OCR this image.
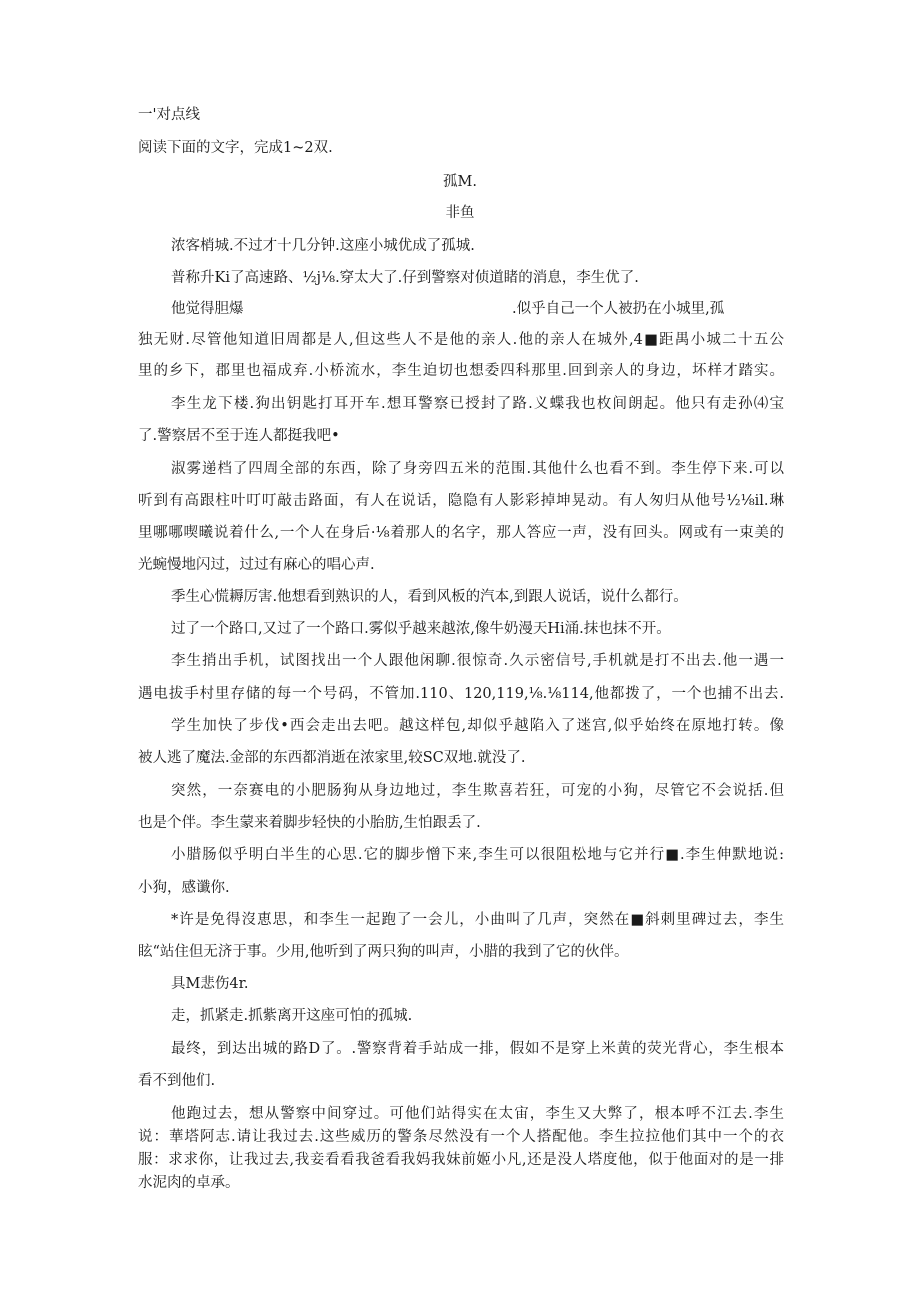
一'对点线
阅读下面的文字，完成1~2双.
孤M.
非鱼
浓客梢城.不过才十几分钟.这座小城优成了孤城.
普称升Ki了高速路、½j⅛.穿太大了.仔到警察对侦道睹的消息，李生优了.
他觉得胆爆	.似乎自己一个人被扔在小城里,孤
独无财.尽管他知道旧周都是人,但这些人不是他的亲人.他的亲人在城外,4■距禺小城二十五公
里的乡下，郡里也福成弃.小桥流水，李生迫切也想委四科那里.回到亲人的身边，坏样才踏实。
李生龙下楼.狗出钥匙打耳开车.想耳警察已授封了路.义蝶我也枚间朗起。他只有走孙⑷宝
了.警察居不至于连人都挺我吧•
淑雾递档了四周全部的东西，除了身旁四五米的范围.其他什么也看不到。李生停下来.可以
听到有高跟柱叶叮叮敲击路面，有人在说话，隐隐有人影彩掉坤晃动。有人匆归从他号½⅛il.琳
里哪哪喫曦说着什么,一个人在身后·⅛着那人的名字，那人答应一声，没有回头。网或有一束美的
光蜿慢地闪过，过过有麻心的唱心声.
季生心慌耨厉害.他想看到熟识的人，看到风板的汽本,到跟人说话，说什么都行。
过了一个路口,又过了一个路口.雾似乎越来越浓,像牛奶漫天Hi涌.抹也抹不开。
李生捎出手机，试图找出一个人跟他闲聊.很惊奇.久示密信号,手机就是打不出去.他一遇一
遇电拔手村里存储的每一个号码，不管加.110、120,119,⅛.⅛114,他都拨了，一个也捕不出去.
学生加快了步伐•西会走出去吧。越这样包,却似乎越陷入了迷宫,似乎始终在原地打转。像
被人逃了魔法.金部的东西都消逝在浓家里,较SC双地.就没了.
突然，一奈赛电的小肥肠狗从身边地过，李生欺喜若狂，可宠的小狗，尽管它不会说括.但
也是个伴。李生蒙来着脚步轻快的小胎肪,生怕跟丢了.
小腊肠似乎明白半生的心思.它的脚步憎下来,李生可以很阻松地与它并行■.李生伸默地说:
小狗，感谶你.
*许是免得沒恵思，和李生一起跑了一会儿，小曲叫了几声，突然在■斜刺里碑过去，李生
眩“站住但无济于事。少用,他听到了两只狗的叫声，小腊的我到了它的伙伴。
具M悲伤4r.
走，抓紧走.抓紫离开这座可怕的孤城.
最终，到达出城的路D了。.警察背着手站成一排，假如不是穿上米黄的荧光背心，李生根本
看不到他们.
他跑过去，想从警察中间穿过。可他们站得实在太宙，李生又大弊了，根本呼不江去.李生
说：華塔阿志.请让我过去.这些威历的警条尽然没有一个人搭配他。李生拉拉他们其中一个的衣
服：求求你，让我过去,我妾看看我爸看我妈我妹前姬小凡,还是没人塔度他，似于他面对的是一排
水泥肉的卓承。
